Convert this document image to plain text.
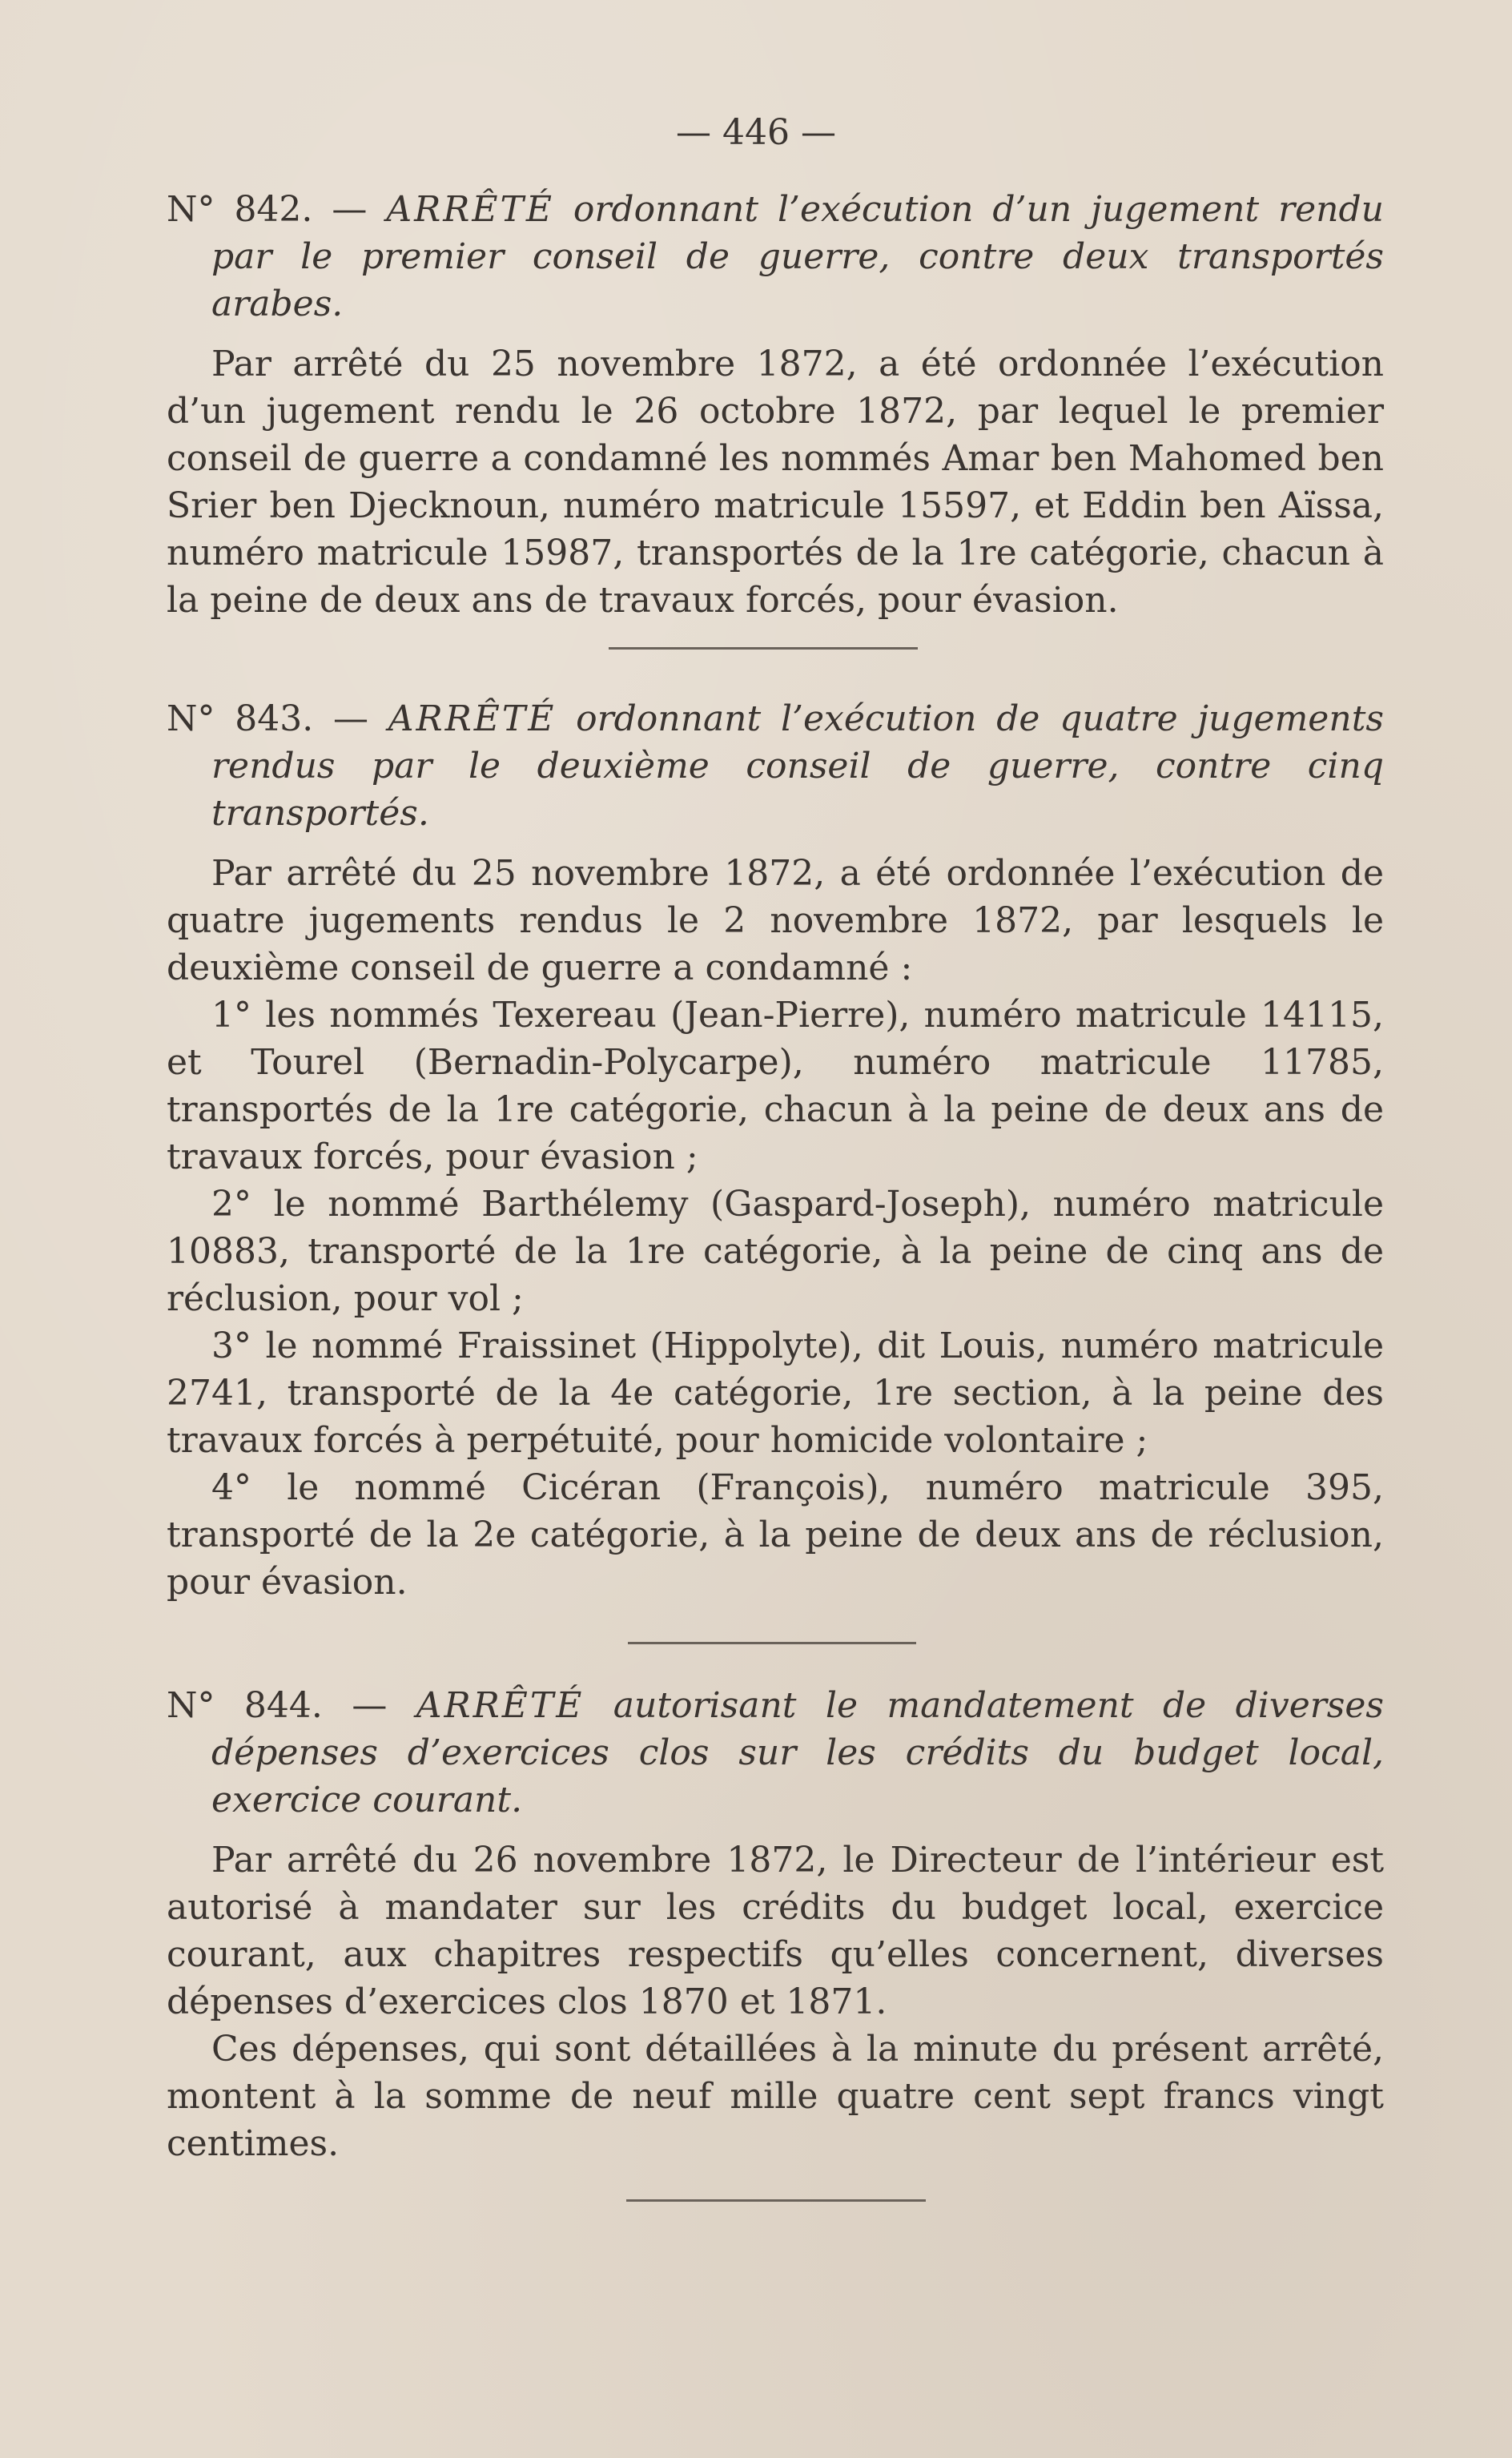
— 446 —

N° 842. — ARRÊTÉ ordonnant l’exécution d’un jugement rendu par le premier conseil de guerre, contre deux transportés arabes.

Par arrêté du 25 novembre 1872, a été ordonnée l’exécution d’un jugement rendu le 26 octobre 1872, par lequel le premier conseil de guerre a condamné les nommés Amar ben Mahomed ben Srier ben Djecknoun, numéro matricule 15597, et Eddin ben Aïssa, numéro matricule 15987, transportés de la 1re catégorie, chacun à la peine de deux ans de travaux forcés, pour évasion.

N° 843. — ARRÊTÉ ordonnant l’exécution de quatre jugements rendus par le deuxième conseil de guerre, contre cinq transportés.

Par arrêté du 25 novembre 1872, a été ordonnée l’exécution de quatre jugements rendus le 2 novembre 1872, par lesquels le deuxième conseil de guerre a condamné :

1° les nommés Texereau (Jean-Pierre), numéro matricule 14115, et Tourel (Bernadin-Polycarpe), numéro matricule 11785, transportés de la 1re catégorie, chacun à la peine de deux ans de travaux forcés, pour évasion ;

2° le nommé Barthélemy (Gaspard-Joseph), numéro matricule 10883, transporté de la 1re catégorie, à la peine de cinq ans de réclusion, pour vol ;

3° le nommé Fraissinet (Hippolyte), dit Louis, numéro matricule 2741, transporté de la 4e catégorie, 1re section, à la peine des travaux forcés à perpétuité, pour homicide volontaire ;

4° le nommé Cicéran (François), numéro matricule 395, transporté de la 2e catégorie, à la peine de deux ans de réclusion, pour évasion.

N° 844. — ARRÊTÉ autorisant le mandatement de diverses dépenses d’exercices clos sur les crédits du budget local, exercice courant.

Par arrêté du 26 novembre 1872, le Directeur de l’intérieur est autorisé à mandater sur les crédits du budget local, exercice courant, aux chapitres respectifs qu’elles concernent, diverses dépenses d’exercices clos 1870 et 1871.

Ces dépenses, qui sont détaillées à la minute du présent arrêté, montent à la somme de neuf mille quatre cent sept francs vingt centimes.
